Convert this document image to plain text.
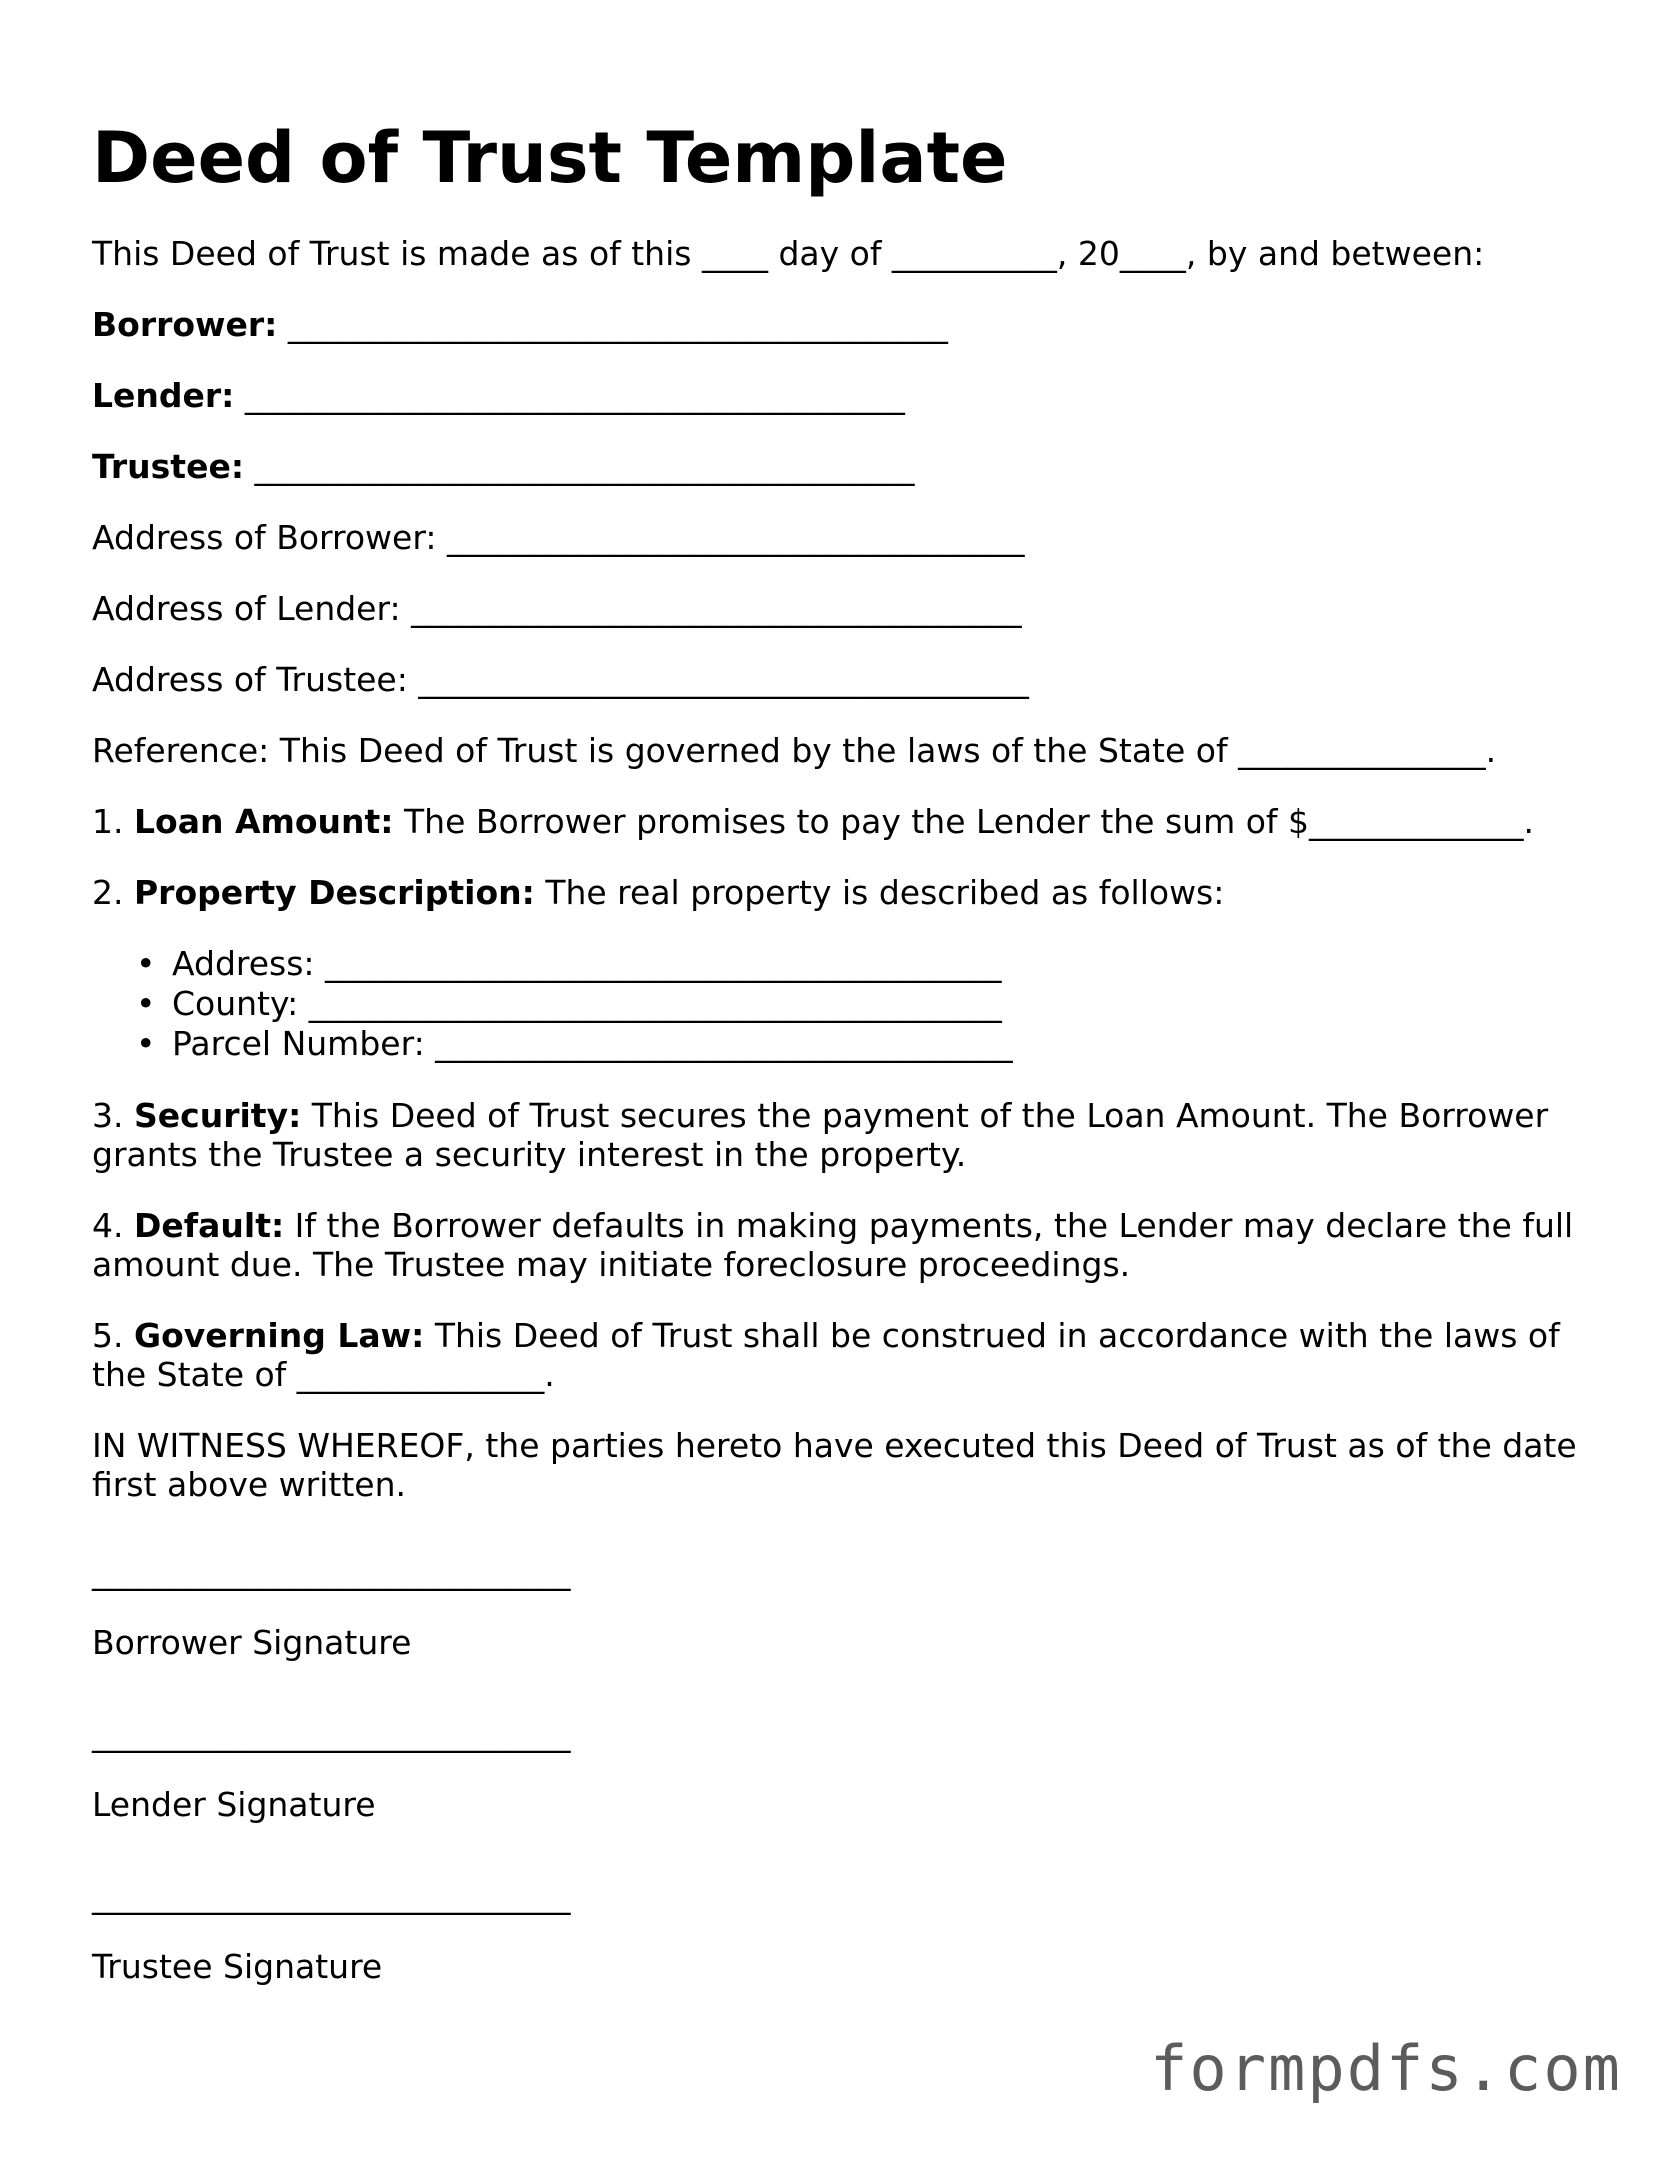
Deed of Trust Template

This Deed of Trust is made as of this ____ day of __________, 20____, by and between:

Borrower: ________________________________________

Lender: ________________________________________

Trustee: ________________________________________

Address of Borrower: ___________________________________

Address of Lender: _____________________________________

Address of Trustee: _____________________________________

Reference: This Deed of Trust is governed by the laws of the State of _______________.

1. Loan Amount: The Borrower promises to pay the Lender the sum of $_____________.

2. Property Description: The real property is described as follows:

• Address: _________________________________________
• County: __________________________________________
• Parcel Number: ___________________________________

3. Security: This Deed of Trust secures the payment of the Loan Amount. The Borrower grants the Trustee a security interest in the property.

4. Default: If the Borrower defaults in making payments, the Lender may declare the full amount due. The Trustee may initiate foreclosure proceedings.

5. Governing Law: This Deed of Trust shall be construed in accordance with the laws of the State of _______________.

IN WITNESS WHEREOF, the parties hereto have executed this Deed of Trust as of the date first above written.

_____________________________

Borrower Signature

_____________________________

Lender Signature

_____________________________

Trustee Signature

formpdfs.com
